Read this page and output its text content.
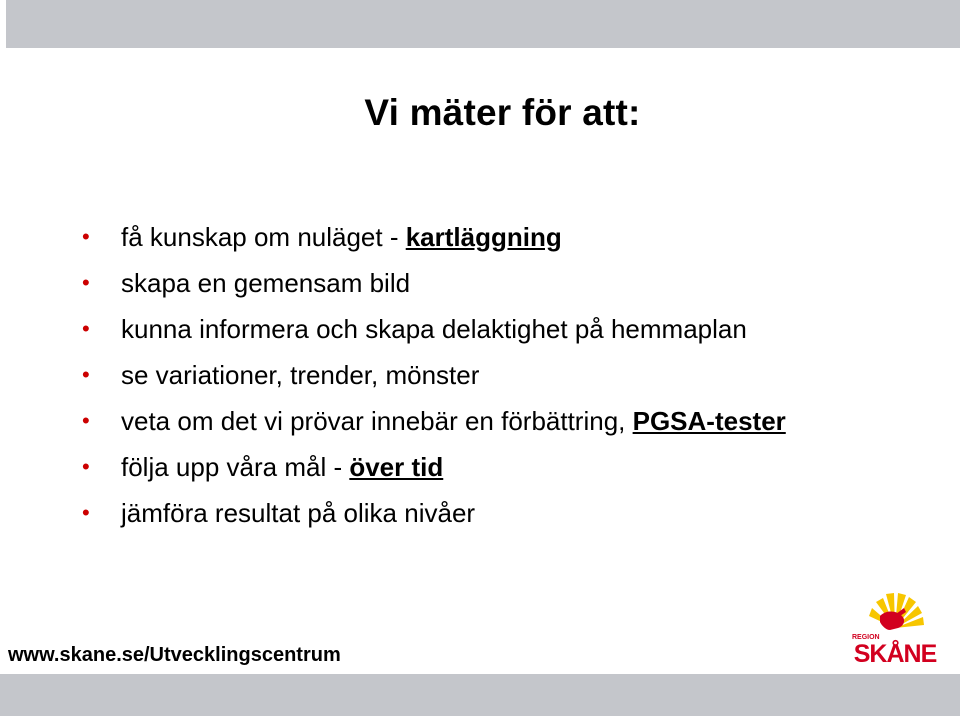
Vi mäter för att:
• få kunskap om nuläget - kartläggning
• skapa en gemensam bild
• kunna informera och skapa delaktighet på hemmaplan
• se variationer, trender, mönster
• veta om det vi prövar innebär en förbättring, PGSA-tester
• följa upp våra mål - över tid
• jämföra resultat på olika nivåer
www.skane.se/Utvecklingscentrum
REGION
SKÅNE
